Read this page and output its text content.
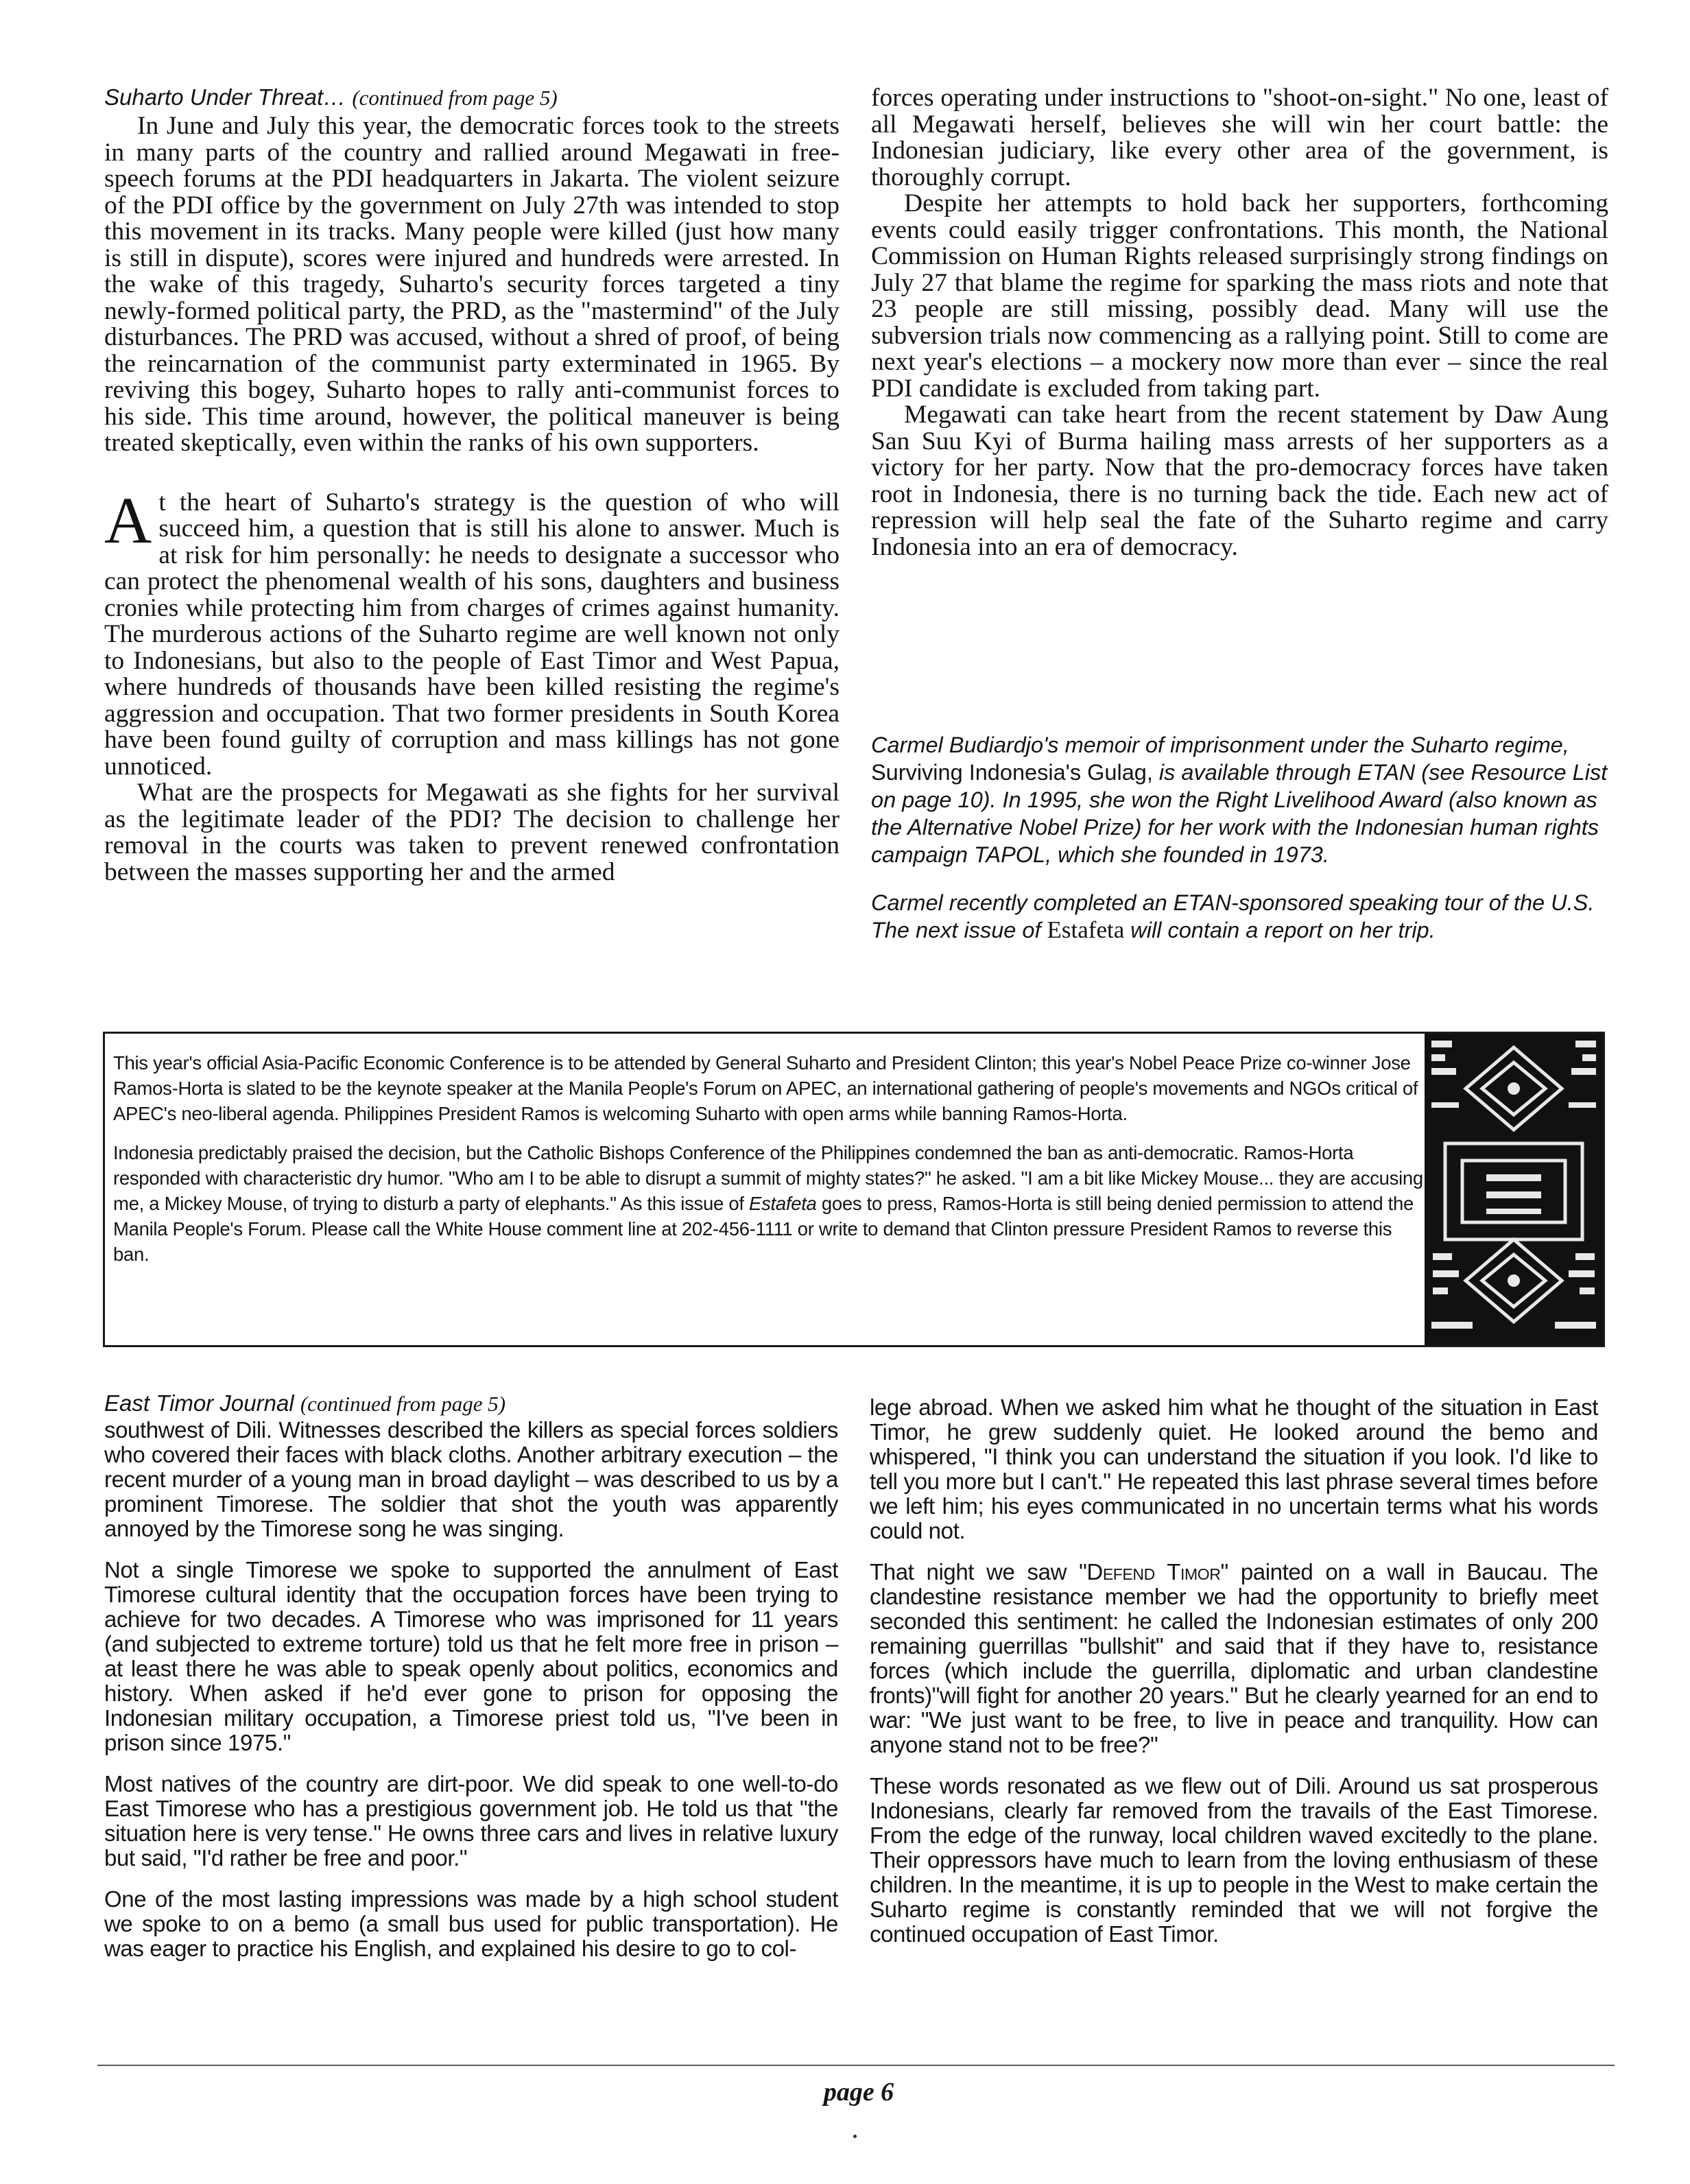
Suharto Under Threat… (continued from page 5)

In June and July this year, the democratic forces took to the streets in many parts of the country and rallied around Megawati in free-speech forums at the PDI headquarters in Jakarta. The violent seizure of the PDI office by the government on July 27th was intended to stop this movement in its tracks. Many people were killed (just how many is still in dispute), scores were injured and hundreds were arrested. In the wake of this tragedy, Suharto's security forces targeted a tiny newly-formed political party, the PRD, as the "mastermind" of the July disturbances. The PRD was accused, without a shred of proof, of being the reincarnation of the communist party exterminated in 1965. By reviving this bogey, Suharto hopes to rally anti-communist forces to his side. This time around, however, the political maneuver is being treated skeptically, even within the ranks of his own supporters.

At the heart of Suharto's strategy is the question of who will succeed him, a question that is still his alone to answer. Much is at risk for him personally: he needs to designate a successor who can protect the phenomenal wealth of his sons, daughters and business cronies while protecting him from charges of crimes against humanity. The murderous actions of the Suharto regime are well known not only to Indonesians, but also to the people of East Timor and West Papua, where hundreds of thousands have been killed resisting the regime's aggression and occupation. That two former presidents in South Korea have been found guilty of corruption and mass killings has not gone unnoticed.

What are the prospects for Megawati as she fights for her survival as the legitimate leader of the PDI? The decision to challenge her removal in the courts was taken to prevent renewed confrontation between the masses supporting her and the armed

forces operating under instructions to "shoot-on-sight." No one, least of all Megawati herself, believes she will win her court battle: the Indonesian judiciary, like every other area of the government, is thoroughly corrupt.

Despite her attempts to hold back her supporters, forthcoming events could easily trigger confrontations. This month, the National Commission on Human Rights released surprisingly strong findings on July 27 that blame the regime for sparking the mass riots and note that 23 people are still missing, possibly dead. Many will use the subversion trials now commencing as a rallying point. Still to come are next year's elections – a mockery now more than ever – since the real PDI candidate is excluded from taking part.

Megawati can take heart from the recent statement by Daw Aung San Suu Kyi of Burma hailing mass arrests of her supporters as a victory for her party. Now that the pro-democracy forces have taken root in Indonesia, there is no turning back the tide. Each new act of repression will help seal the fate of the Suharto regime and carry Indonesia into an era of democracy.

Carmel Budiardjo's memoir of imprisonment under the Suharto regime, Surviving Indonesia's Gulag, is available through ETAN (see Resource List on page 10). In 1995, she won the Right Livelihood Award (also known as the Alternative Nobel Prize) for her work with the Indonesian human rights campaign TAPOL, which she founded in 1973.

Carmel recently completed an ETAN-sponsored speaking tour of the U.S. The next issue of Estafeta will contain a report on her trip.

This year's official Asia-Pacific Economic Conference is to be attended by General Suharto and President Clinton; this year's Nobel Peace Prize co-winner Jose Ramos-Horta is slated to be the keynote speaker at the Manila People's Forum on APEC, an international gathering of people's movements and NGOs critical of APEC's neo-liberal agenda. Philippines President Ramos is welcoming Suharto with open arms while banning Ramos-Horta.

Indonesia predictably praised the decision, but the Catholic Bishops Conference of the Philippines condemned the ban as anti-democratic. Ramos-Horta responded with characteristic dry humor. "Who am I to be able to disrupt a summit of mighty states?" he asked. "I am a bit like Mickey Mouse... they are accusing me, a Mickey Mouse, of trying to disturb a party of elephants." As this issue of Estafeta goes to press, Ramos-Horta is still being denied permission to attend the Manila People's Forum. Please call the White House comment line at 202-456-1111 or write to demand that Clinton pressure President Ramos to reverse this ban.

East Timor Journal (continued from page 5)

southwest of Dili. Witnesses described the killers as special forces soldiers who covered their faces with black cloths. Another arbitrary execution – the recent murder of a young man in broad daylight – was described to us by a prominent Timorese. The soldier that shot the youth was apparently annoyed by the Timorese song he was singing.

Not a single Timorese we spoke to supported the annulment of East Timorese cultural identity that the occupation forces have been trying to achieve for two decades. A Timorese who was imprisoned for 11 years (and subjected to extreme torture) told us that he felt more free in prison – at least there he was able to speak openly about politics, economics and history. When asked if he'd ever gone to prison for opposing the Indonesian military occupation, a Timorese priest told us, "I've been in prison since 1975."

Most natives of the country are dirt-poor. We did speak to one well-to-do East Timorese who has a prestigious government job. He told us that "the situation here is very tense." He owns three cars and lives in relative luxury but said, "I'd rather be free and poor."

One of the most lasting impressions was made by a high school student we spoke to on a bemo (a small bus used for public transportation). He was eager to practice his English, and explained his desire to go to col-

lege abroad. When we asked him what he thought of the situation in East Timor, he grew suddenly quiet. He looked around the bemo and whispered, "I think you can understand the situation if you look. I'd like to tell you more but I can't." He repeated this last phrase several times before we left him; his eyes communicated in no uncertain terms what his words could not.

That night we saw "Defend Timor" painted on a wall in Baucau. The clandestine resistance member we had the opportunity to briefly meet seconded this sentiment: he called the Indonesian estimates of only 200 remaining guerrillas "bullshit" and said that if they have to, resistance forces (which include the guerrilla, diplomatic and urban clandestine fronts)"will fight for another 20 years." But he clearly yearned for an end to war: "We just want to be free, to live in peace and tranquility. How can anyone stand not to be free?"

These words resonated as we flew out of Dili. Around us sat prosperous Indonesians, clearly far removed from the travails of the East Timorese. From the edge of the runway, local children waved excitedly to the plane. Their oppressors have much to learn from the loving enthusiasm of these children. In the meantime, it is up to people in the West to make certain the Suharto regime is constantly reminded that we will not forgive the continued occupation of East Timor.

page 6
